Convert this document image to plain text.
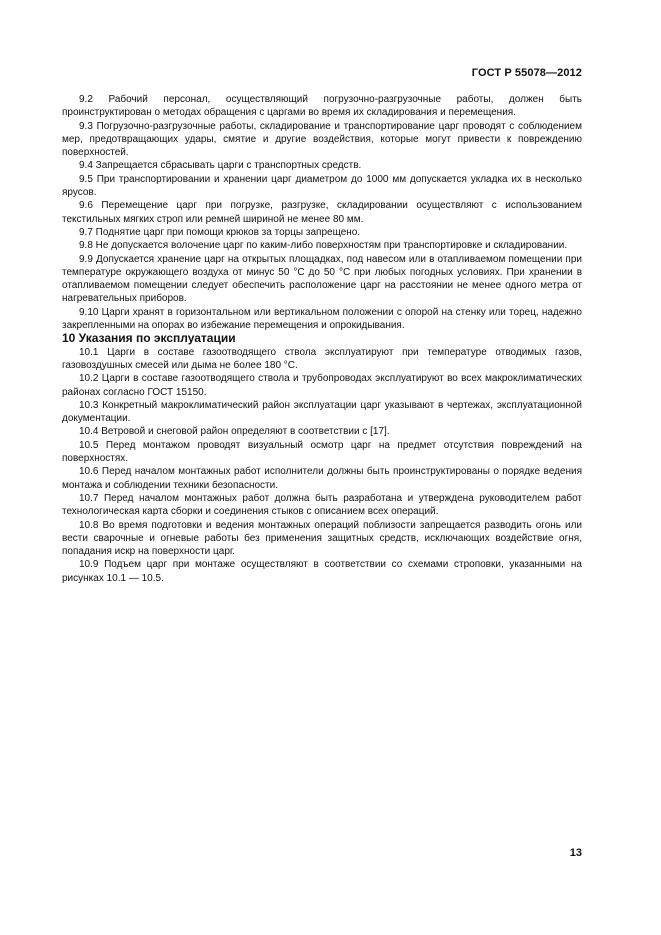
ГОСТ Р 55078—2012

9.2 Рабочий персонал, осуществляющий погрузочно-разгрузочные работы, должен быть проинструктирован о методах обращения с царгами во время их складирования и перемещения.

9.3 Погрузочно-разгрузочные работы, складирование и транспортирование царг проводят с соблюдением мер, предотвращающих удары, смятие и другие воздействия, которые могут привести к повреждению поверхностей.

9.4 Запрещается сбрасывать царги с транспортных средств.

9.5 При транспортировании и хранении царг диаметром до 1000 мм допускается укладка их в несколько ярусов.

9.6 Перемещение царг при погрузке, разгрузке, складировании осуществляют с использованием текстильных мягких строп или ремней шириной не менее 80 мм.

9.7 Поднятие царг при помощи крюков за торцы запрещено.

9.8 Не допускается волочение царг по каким-либо поверхностям при транспортировке и складировании.

9.9 Допускается хранение царг на открытых площадках, под навесом или в отапливаемом помещении при температуре окружающего воздуха от минус 50 °С до 50 °С при любых погодных условиях. При хранении в отапливаемом помещении следует обеспечить расположение царг на расстоянии не менее одного метра от нагревательных приборов.

9.10 Царги хранят в горизонтальном или вертикальном положении с опорой на стенку или торец, надежно закрепленными на опорах во избежание перемещения и опрокидывания.

10 Указания по эксплуатации

10.1 Царги в составе газоотводящего ствола эксплуатируют при температуре отводимых газов, газовоздушных смесей или дыма не более 180 °С.

10.2 Царги в составе газоотводящего ствола и трубопроводах эксплуатируют во всех макроклиматических районах согласно ГОСТ 15150.

10.3 Конкретный макроклиматический район эксплуатации царг указывают в чертежах, эксплуатационной документации.

10.4 Ветровой и снеговой район определяют в соответствии с [17].

10.5 Перед монтажом проводят визуальный осмотр царг на предмет отсутствия повреждений на поверхностях.

10.6 Перед началом монтажных работ исполнители должны быть проинструктированы о порядке ведения монтажа и соблюдении техники безопасности.

10.7 Перед началом монтажных работ должна быть разработана и утверждена руководителем работ технологическая карта сборки и соединения стыков с описанием всех операций.

10.8 Во время подготовки и ведения монтажных операций поблизости запрещается разводить огонь или вести сварочные и огневые работы без применения защитных средств, исключающих воздействие огня, попадания искр на поверхности царг.

10.9 Подъем царг при монтаже осуществляют в соответствии со схемами строповки, указанными на рисунках 10.1 — 10.5.

13
